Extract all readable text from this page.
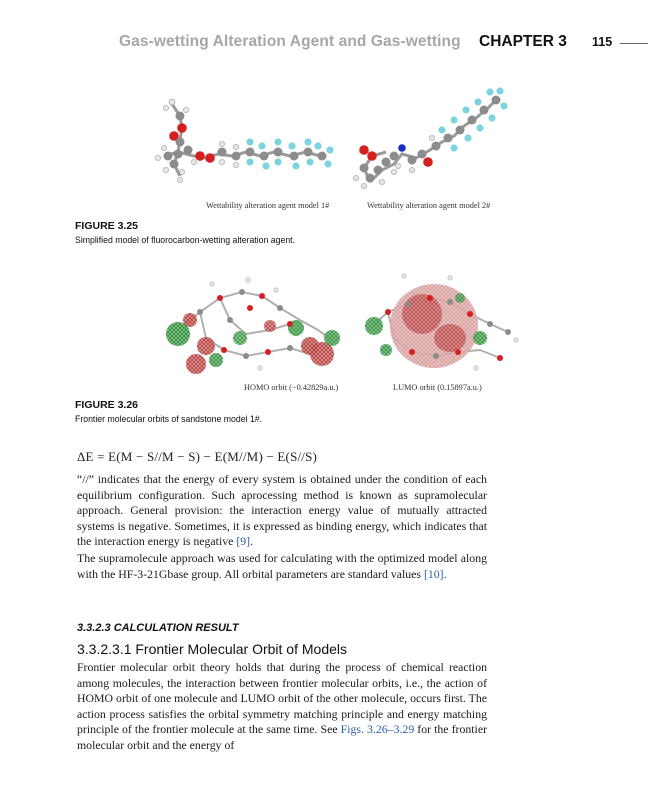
Gas-wetting Alteration Agent and Gas-wetting CHAPTER 3 115
Wettability alteration agent model 1#	Wettability alteration agent model 2#
FIGURE 3.25
Simplified model of fluorocarbon-wetting alteration agent.
HOMO orbit (−0.42829a.u.)	LUMO orbit (0.15897a.u.)
FIGURE 3.26
Frontier molecular orbits of sandstone model 1#.
ΔE = E(M − S//M − S) − E(M//M) − E(S//S)

“//” indicates that the energy of every system is obtained under the condition of each equilibrium configuration. Such aprocessing method is known as supramolecular approach. General provision: the interaction energy value of mutually attracted systems is negative. Sometimes, it is expressed as binding energy, which indicates that the interaction energy is negative [9].

The supramolecule approach was used for calculating with the optimized model along with the HF-3-21Gbase group. All orbital parameters are standard values [10].

3.3.2.3 CALCULATION RESULT
3.3.2.3.1 Frontier Molecular Orbit of Models

Frontier molecular orbit theory holds that during the process of chemical reaction among molecules, the interaction between frontier molecular orbits, i.e., the action of HOMO orbit of one molecule and LUMO orbit of the other molecule, occurs first. The action process satisfies the orbital symmetry matching principle and energy matching principle of the frontier molecule at the same time. See Figs. 3.26–3.29 for the frontier molecular orbit and the energy of
